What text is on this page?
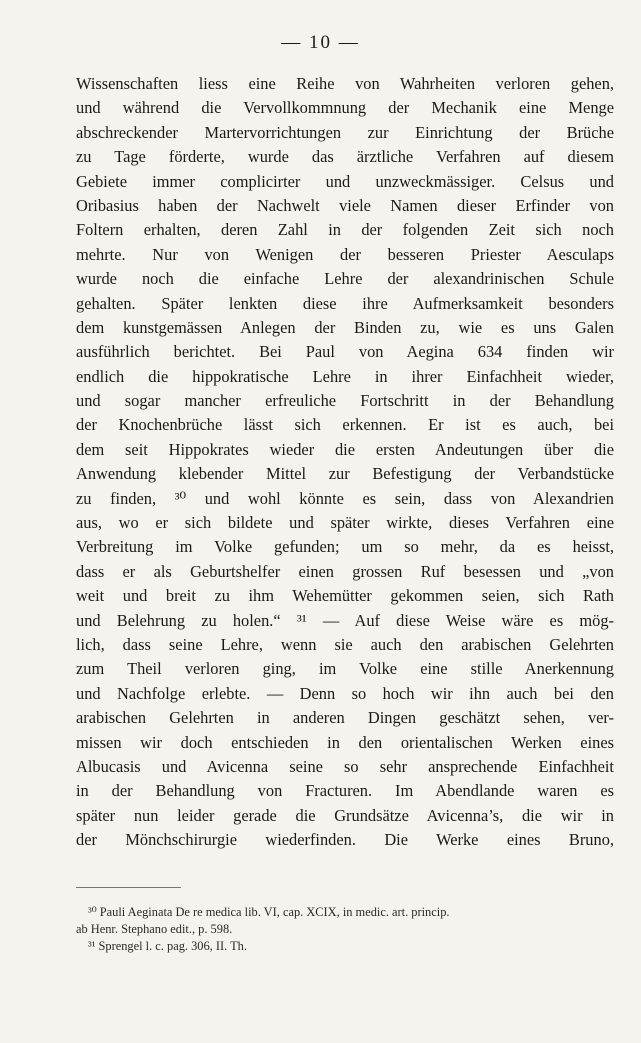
— 10 —
Wissenschaften liess eine Reihe von Wahrheiten verloren gehen,
und während die Vervollkommnung der Mechanik eine Menge
abschreckender Martervorrichtungen zur Einrichtung der Brüche
zu Tage förderte, wurde das ärztliche Verfahren auf diesem
Gebiete immer complicirter und unzweckmässiger. Celsus und
Oribasius haben der Nachwelt viele Namen dieser Erfinder von
Foltern erhalten, deren Zahl in der folgenden Zeit sich noch
mehrte. Nur von Wenigen der besseren Priester Aesculaps
wurde noch die einfache Lehre der alexandrinischen Schule
gehalten. Später lenkten diese ihre Aufmerksamkeit besonders
dem kunstgemässen Anlegen der Binden zu, wie es uns Galen
ausführlich berichtet. Bei Paul von Aegina 634 finden wir
endlich die hippokratische Lehre in ihrer Einfachheit wieder,
und sogar mancher erfreuliche Fortschritt in der Behandlung
der Knochenbrüche lässt sich erkennen. Er ist es auch, bei
dem seit Hippokrates wieder die ersten Andeutungen über die
Anwendung klebender Mittel zur Befestigung der Verbandstücke
zu finden, ³⁰ und wohl könnte es sein, dass von Alexandrien
aus, wo er sich bildete und später wirkte, dieses Verfahren eine
Verbreitung im Volke gefunden; um so mehr, da es heisst,
dass er als Geburtshelfer einen grossen Ruf besessen und „von
weit und breit zu ihm Wehemütter gekommen seien, sich Rath
und Belehrung zu holen.“ ³¹ — Auf diese Weise wäre es mög-
lich, dass seine Lehre, wenn sie auch den arabischen Gelehrten
zum Theil verloren ging, im Volke eine stille Anerkennung
und Nachfolge erlebte. — Denn so hoch wir ihn auch bei den
arabischen Gelehrten in anderen Dingen geschätzt sehen, ver-
missen wir doch entschieden in den orientalischen Werken eines
Albucasis und Avicenna seine so sehr ansprechende Einfachheit
in der Behandlung von Fracturen. Im Abendlande waren es
später nun leider gerade die Grundsätze Avicenna’s, die wir in
der Mönchschirurgie wiederfinden. Die Werke eines Bruno,
³⁰ Pauli Aeginata De re medica lib. VI, cap. XCIX, in medic. art. princip.
ab Henr. Stephano edit., p. 598.
³¹ Sprengel l. c. pag. 306, II. Th.
